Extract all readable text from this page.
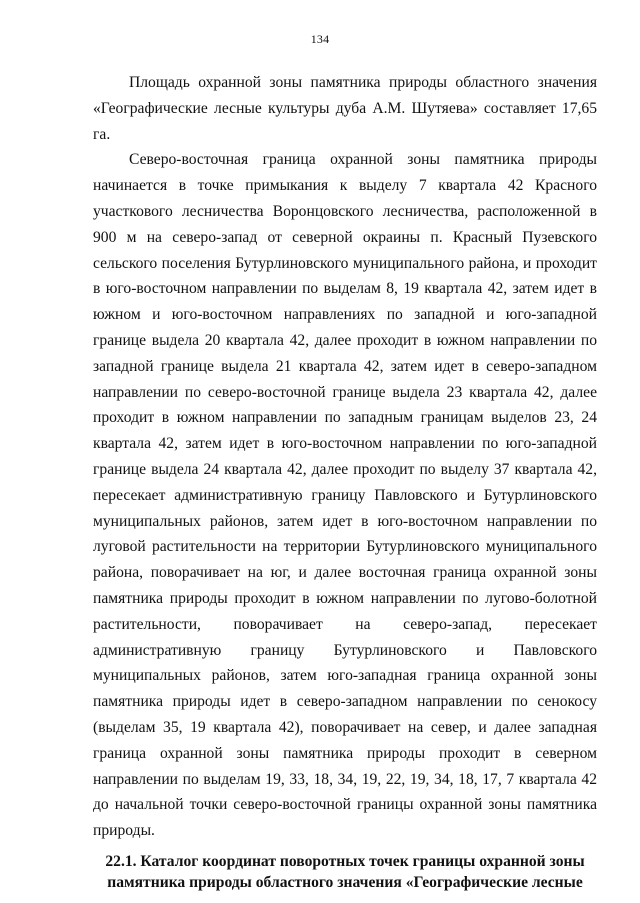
134

Площадь охранной зоны памятника природы областного значения «Географические лесные культуры дуба А.М. Шутяева» составляет 17,65 га.

Северо-восточная граница охранной зоны памятника природы начинается в точке примыкания к выделу 7 квартала 42 Красного участкового лесничества Воронцовского лесничества, расположенной в 900 м на северо-запад от северной окраины п. Красный Пузевского сельского поселения Бутурлиновского муниципального района, и проходит в юго-восточном направлении по выделам 8, 19 квартала 42, затем идет в южном и юго-восточном направлениях по западной и юго-западной границе выдела 20 квартала 42, далее проходит в южном направлении по западной границе выдела 21 квартала 42, затем идет в северо-западном направлении по северо-восточной границе выдела 23 квартала 42, далее проходит в южном направлении по западным границам выделов 23, 24 квартала 42, затем идет в юго-восточном направлении по юго-западной границе выдела 24 квартала 42, далее проходит по выделу 37 квартала 42, пересекает административную границу Павловского и Бутурлиновского муниципальных районов, затем идет в юго-восточном направлении по луговой растительности на территории Бутурлиновского муниципального района, поворачивает на юг, и далее восточная граница охранной зоны памятника природы проходит в южном направлении по лугово-болотной растительности, поворачивает на северо-запад, пересекает административную границу Бутурлиновского и Павловского муниципальных районов, затем юго-западная граница охранной зоны памятника природы идет в северо-западном направлении по сенокосу (выделам 35, 19 квартала 42), поворачивает на север, и далее западная граница охранной зоны памятника природы проходит в северном направлении по выделам 19, 33, 18, 34, 19, 22, 19, 34, 18, 17, 7 квартала 42 до начальной точки северо-восточной границы охранной зоны памятника природы.

22.1. Каталог координат поворотных точек границы охранной зоны памятника природы областного значения «Географические лесные
